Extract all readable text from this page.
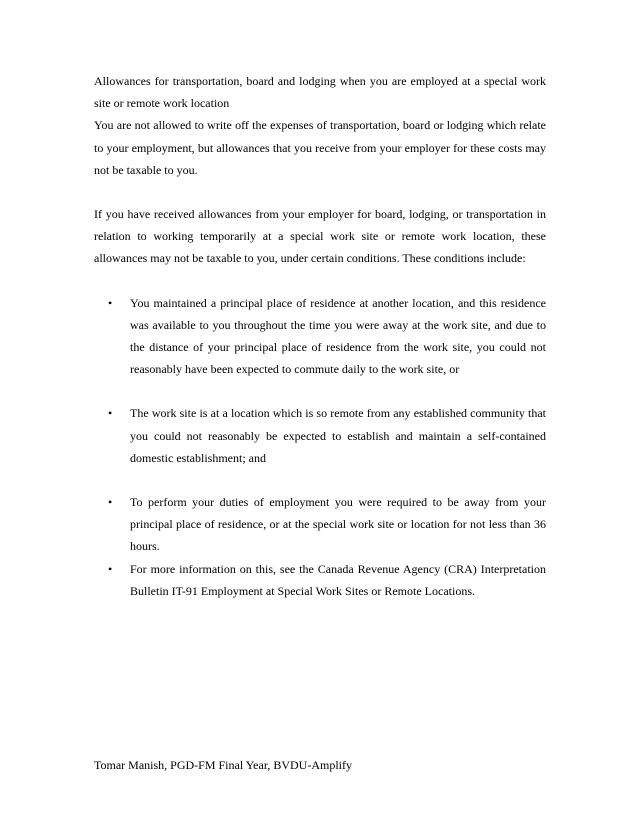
Allowances for transportation, board and lodging when you are employed at a special work site or remote work location

You are not allowed to write off the expenses of transportation, board or lodging which relate to your employment, but allowances that you receive from your employer for these costs may not be taxable to you.

If you have received allowances from your employer for board, lodging, or transportation in relation to working temporarily at a special work site or remote work location, these allowances may not be taxable to you, under certain conditions. These conditions include:

• You maintained a principal place of residence at another location, and this residence was available to you throughout the time you were away at the work site, and due to the distance of your principal place of residence from the work site, you could not reasonably have been expected to commute daily to the work site, or
• The work site is at a location which is so remote from any established community that you could not reasonably be expected to establish and maintain a self-contained domestic establishment; and
• To perform your duties of employment you were required to be away from your principal place of residence, or at the special work site or location for not less than 36 hours.
• For more information on this, see the Canada Revenue Agency (CRA) Interpretation Bulletin IT-91 Employment at Special Work Sites or Remote Locations.
Tomar Manish, PGD-FM Final Year, BVDU-Amplify
